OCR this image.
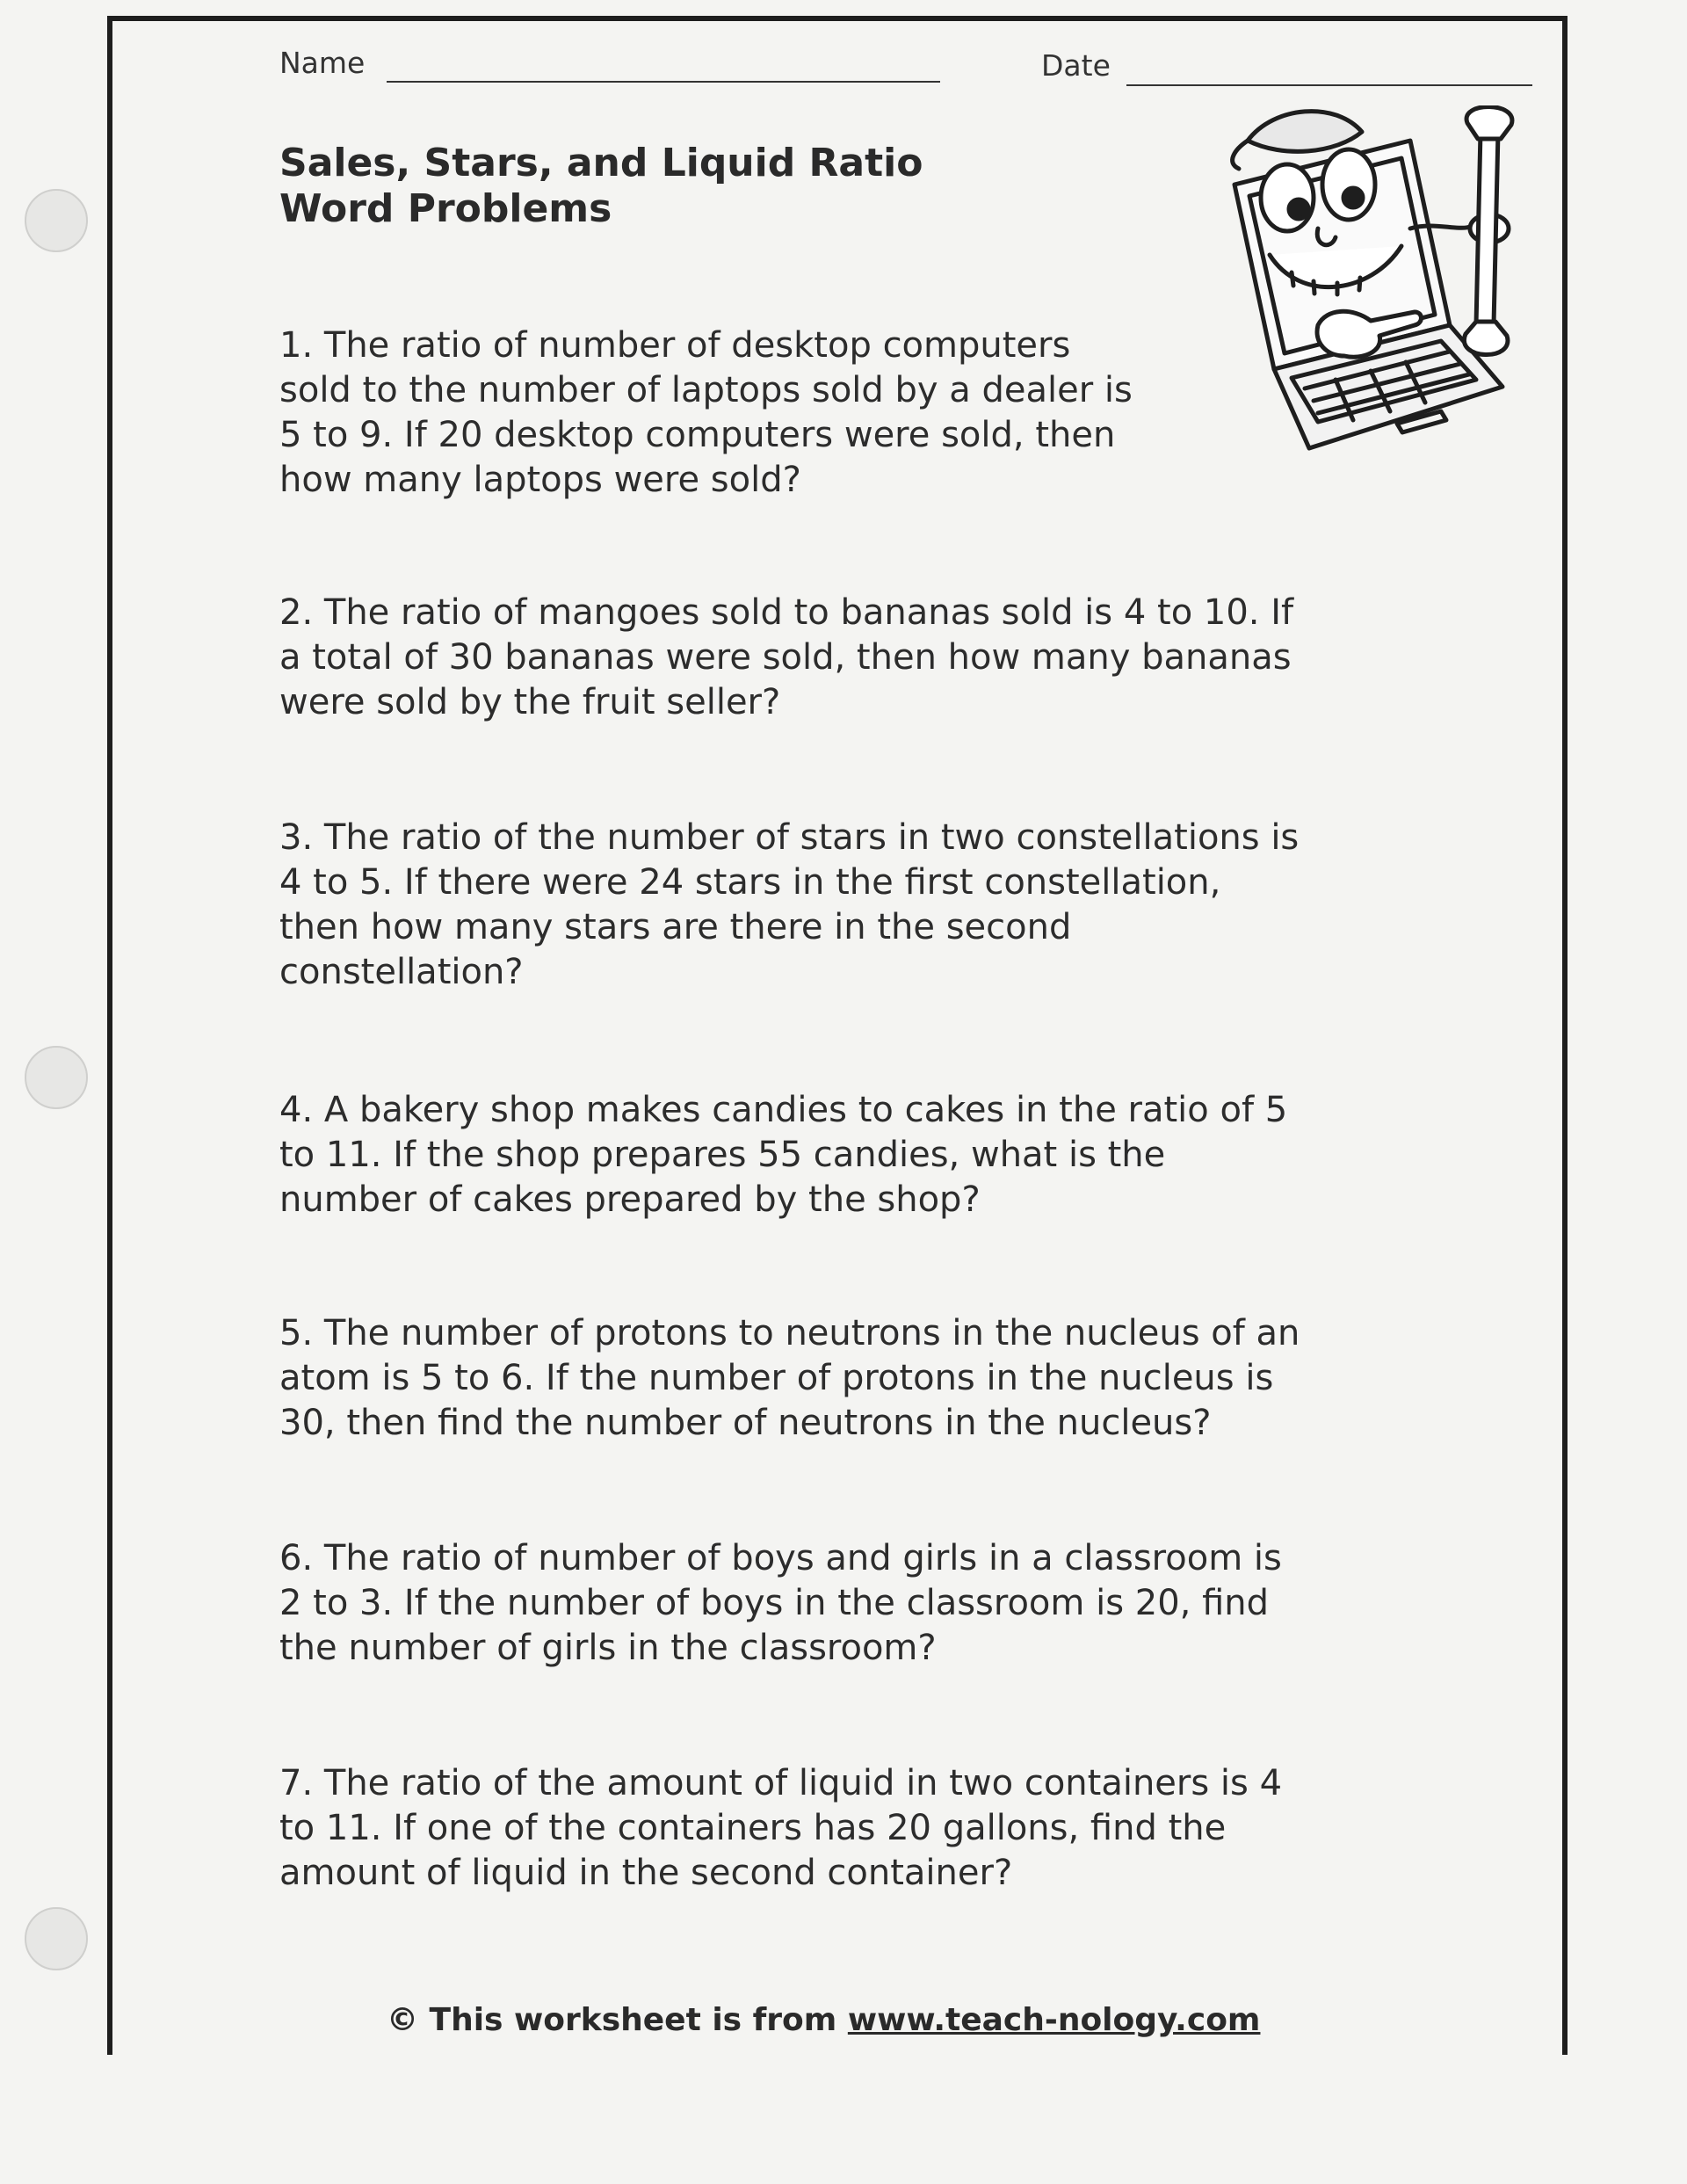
Name	Date
Sales, Stars, and Liquid Ratio
Word Problems
1. The ratio of number of desktop computers
sold to the number of laptops sold by a dealer is
5 to 9. If 20 desktop computers were sold, then
how many laptops were sold?
2. The ratio of mangoes sold to bananas sold is 4 to 10. If
a total of 30 bananas were sold, then how many bananas
were sold by the fruit seller?
3. The ratio of the number of stars in two constellations is
4 to 5. If there were 24 stars in the first constellation,
then how many stars are there in the second
constellation?
4. A bakery shop makes candies to cakes in the ratio of 5
to 11. If the shop prepares 55 candies, what is the
number of cakes prepared by the shop?
5. The number of protons to neutrons in the nucleus of an
atom is 5 to 6. If the number of protons in the nucleus is
30, then find the number of neutrons in the nucleus?
6. The ratio of number of boys and girls in a classroom is
2 to 3. If the number of boys in the classroom is 20, find
the number of girls in the classroom?
7. The ratio of the amount of liquid in two containers is 4
to 11. If one of the containers has 20 gallons, find the
amount of liquid in the second container?
© This worksheet is from www.teach-nology.com
